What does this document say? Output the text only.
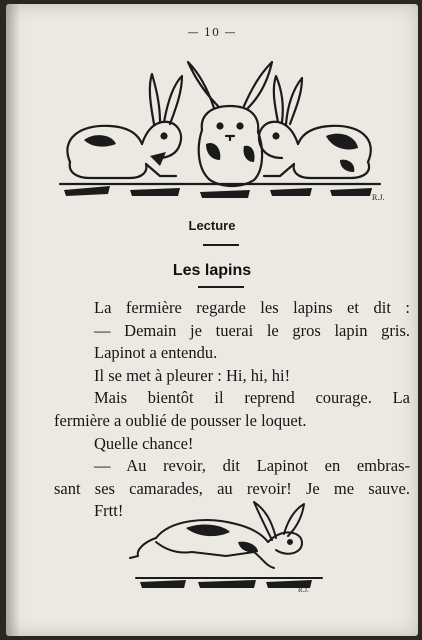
— 10 —
R.J.
Lecture
Les lapins
La fermière regarde les lapins et dit :
— Demain je tuerai le gros lapin gris.
Lapinot a entendu.
Il se met à pleurer : Hi, hi, hi!
Mais bientôt il reprend courage. La
fermière a oublié de pousser le loquet.
Quelle chance!
— Au revoir, dit Lapinot en embras-
sant ses camarades, au revoir! Je me sauve.
Frtt!
R.J.
